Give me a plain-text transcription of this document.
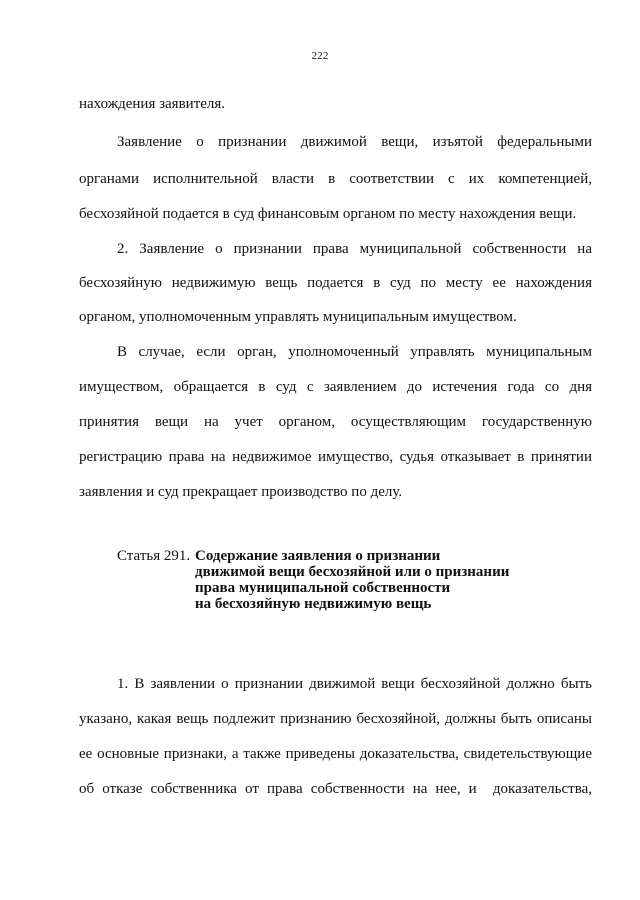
222
нахождения заявителя.
Заявление о признании движимой вещи, изъятой федеральными
органами исполнительной власти в соответствии с их компетенцией,
бесхозяйной подается в суд финансовым органом по месту нахождения вещи.
2. Заявление о признании права муниципальной собственности на
бесхозяйную недвижимую вещь подается в суд по месту ее нахождения
органом, уполномоченным управлять муниципальным имуществом.
В случае, если орган, уполномоченный управлять муниципальным
имуществом, обращается в суд с заявлением до истечения года со дня
принятия вещи на учет органом, осуществляющим государственную
регистрацию права на недвижимое имущество, судья отказывает в принятии
заявления и суд прекращает производство по делу.
Статья 291. Содержание заявления о признании
движимой вещи бесхозяйной или о признании
права муниципальной собственности
на бесхозяйную недвижимую вещь
1. В заявлении о признании движимой вещи бесхозяйной должно быть
указано, какая вещь подлежит признанию бесхозяйной, должны быть описаны
ее основные признаки, а также приведены доказательства, свидетельствующие
об отказе собственника от права собственности на нее, и  доказательства,
